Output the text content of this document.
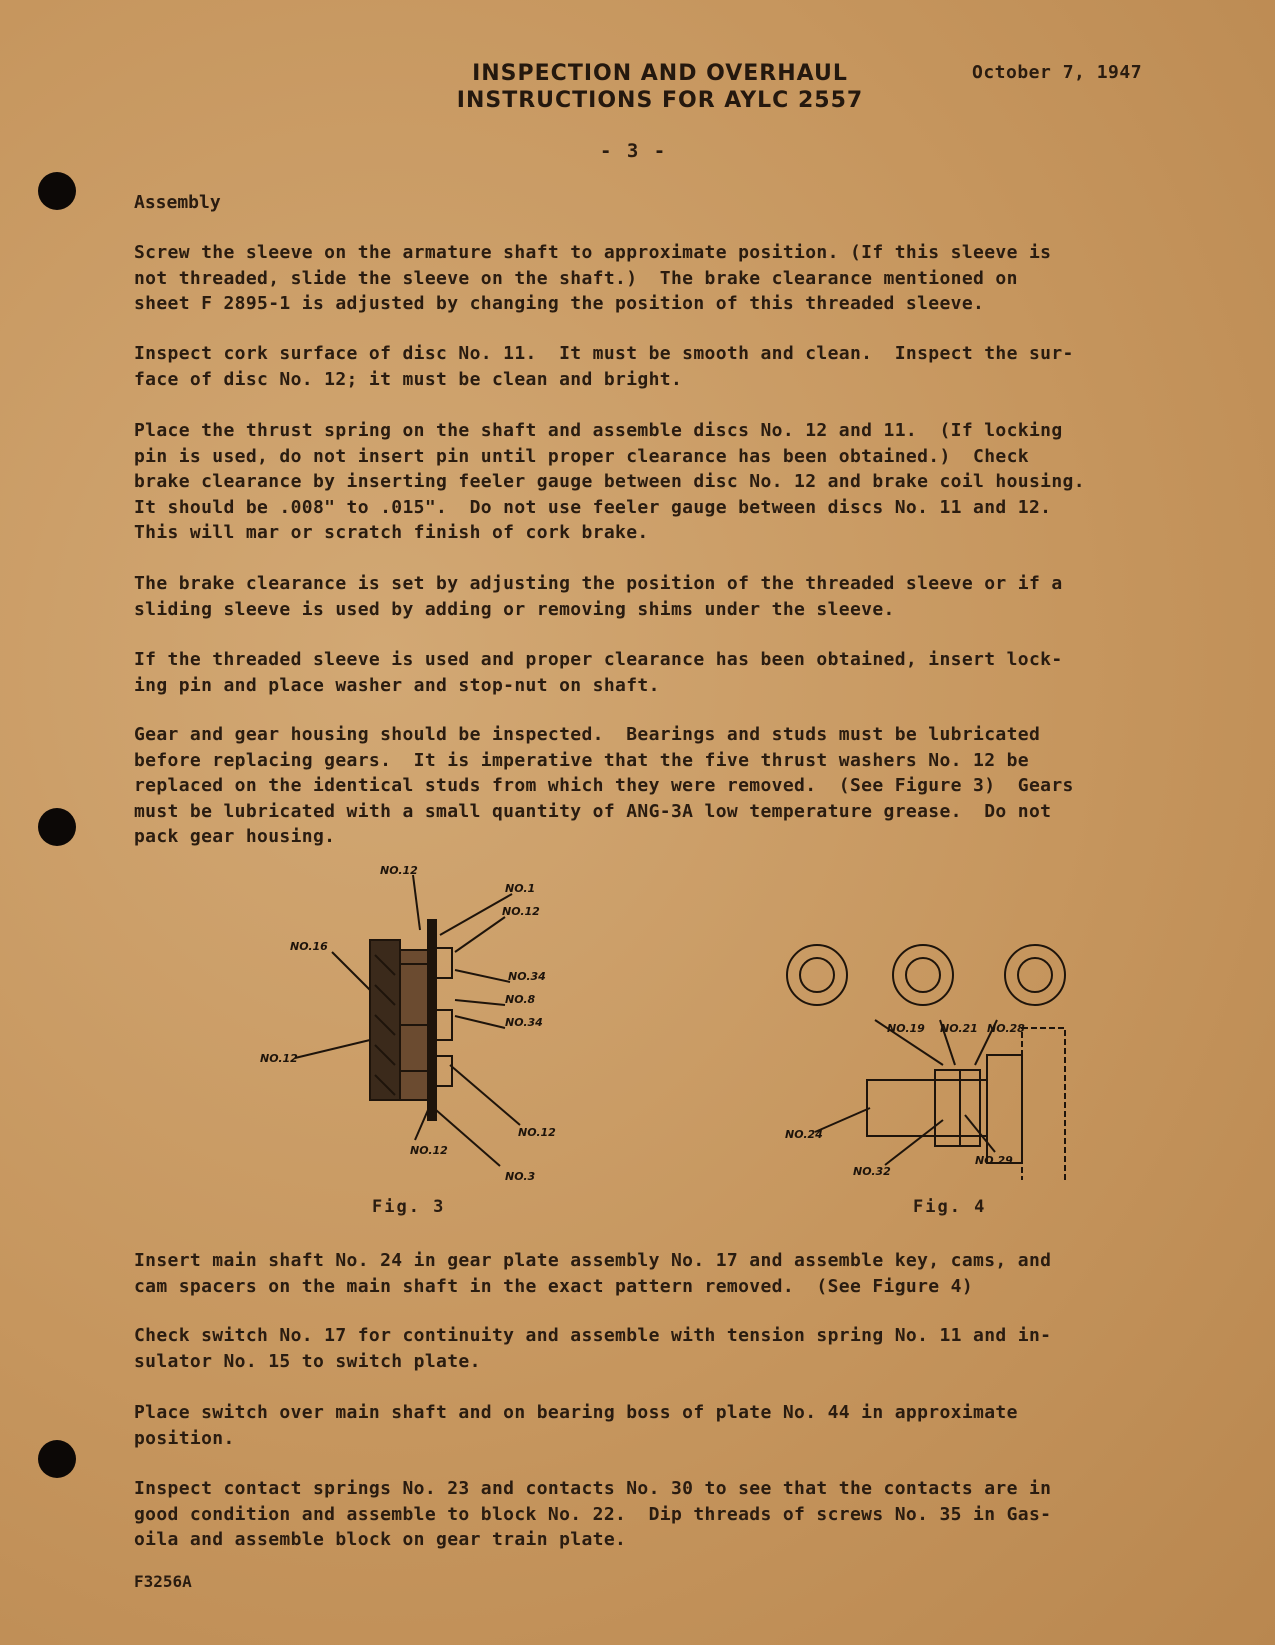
INSPECTION AND OVERHAUL
INSTRUCTIONS FOR AYLC 2557
October 7, 1947
- 3 -
Assembly
Screw the sleeve on the armature shaft to approximate position. (If this sleeve is
not threaded, slide the sleeve on the shaft.)  The brake clearance mentioned on
sheet F 2895-1 is adjusted by changing the position of this threaded sleeve.
Inspect cork surface of disc No. 11.  It must be smooth and clean.  Inspect the sur-
face of disc No. 12; it must be clean and bright.
Place the thrust spring on the shaft and assemble discs No. 12 and 11.  (If locking
pin is used, do not insert pin until proper clearance has been obtained.)  Check
brake clearance by inserting feeler gauge between disc No. 12 and brake coil housing.
It should be .008" to .015".  Do not use feeler gauge between discs No. 11 and 12.
This will mar or scratch finish of cork brake.
The brake clearance is set by adjusting the position of the threaded sleeve or if a
sliding sleeve is used by adding or removing shims under the sleeve.
If the threaded sleeve is used and proper clearance has been obtained, insert lock-
ing pin and place washer and stop-nut on shaft.
Gear and gear housing should be inspected.  Bearings and studs must be lubricated
before replacing gears.  It is imperative that the five thrust washers No. 12 be
replaced on the identical studs from which they were removed.  (See Figure 3)  Gears
must be lubricated with a small quantity of ANG-3A low temperature grease.  Do not
pack gear housing.
NO.12
NO.1
NO.12
NO.16
NO.34
NO.8
NO.34
NO.12
NO.12
NO.12
NO.3
Fig. 3
NO.19 NO.21 NO.28
NO.24
NO.32
NO.29
Fig. 4
Insert main shaft No. 24 in gear plate assembly No. 17 and assemble key, cams, and
cam spacers on the main shaft in the exact pattern removed.  (See Figure 4)
Check switch No. 17 for continuity and assemble with tension spring No. 11 and in-
sulator No. 15 to switch plate.
Place switch over main shaft and on bearing boss of plate No. 44 in approximate
position.
Inspect contact springs No. 23 and contacts No. 30 to see that the contacts are in
good condition and assemble to block No. 22.  Dip threads of screws No. 35 in Gas-
oila and assemble block on gear train plate.
F3256A
